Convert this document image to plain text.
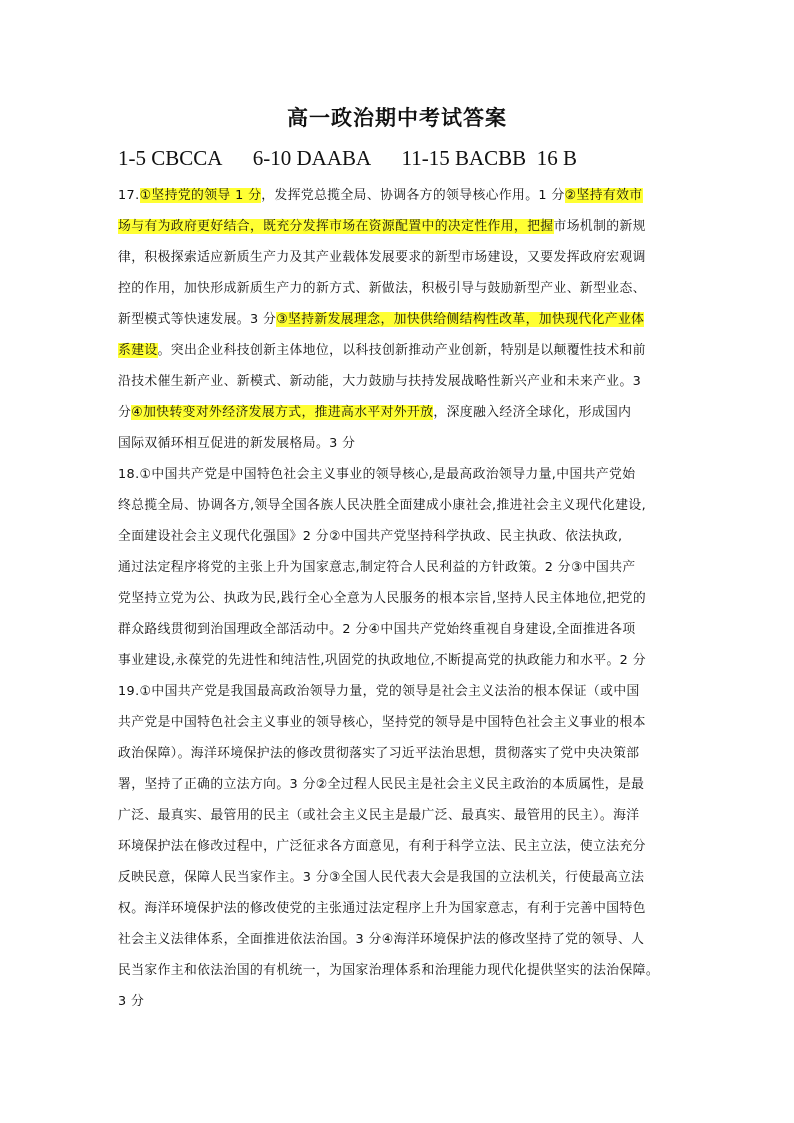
高一政治期中考试答案
1-5 CBCCA      6-10 DAABA      11-15 BACBB  16 B
17.①坚持党的领导 1 分，发挥党总揽全局、协调各方的领导核心作用。1 分②坚持有效市
场与有为政府更好结合，既充分发挥市场在资源配置中的决定性作用，把握市场机制的新规
律，积极探索适应新质生产力及其产业载体发展要求的新型市场建设，又要发挥政府宏观调
控的作用，加快形成新质生产力的新方式、新做法，积极引导与鼓励新型产业、新型业态、
新型模式等快速发展。3 分③坚持新发展理念，加快供给侧结构性改革，加快现代化产业体
系建设。突出企业科技创新主体地位，以科技创新推动产业创新，特别是以颠覆性技术和前
沿技术催生新产业、新模式、新动能，大力鼓励与扶持发展战略性新兴产业和未来产业。3
分④加快转变对外经济发展方式，推进高水平对外开放，深度融入经济全球化，形成国内
国际双循环相互促进的新发展格局。3 分
18.①中国共产党是中国特色社会主义事业的领导核心,是最高政治领导力量,中国共产党始
终总揽全局、协调各方,领导全国各族人民决胜全面建成小康社会,推进社会主义现代化建设,
全面建设社会主义现代化强国》2 分②中国共产党坚持科学执政、民主执政、依法执政,
通过法定程序将党的主张上升为国家意志,制定符合人民利益的方针政策。2 分③中国共产
党坚持立党为公、执政为民,践行全心全意为人民服务的根本宗旨,坚持人民主体地位,把党的
群众路线贯彻到治国理政全部活动中。2 分④中国共产党始终重视自身建设,全面推进各项
事业建设,永葆党的先进性和纯洁性,巩固党的执政地位,不断提高党的执政能力和水平。2 分
19.①中国共产党是我国最高政治领导力量，党的领导是社会主义法治的根本保证（或中国
共产党是中国特色社会主义事业的领导核心，坚持党的领导是中国特色社会主义事业的根本
政治保障）。海洋环境保护法的修改贯彻落实了习近平法治思想，贯彻落实了党中央决策部
署，坚持了正确的立法方向。3 分②全过程人民民主是社会主义民主政治的本质属性，是最
广泛、最真实、最管用的民主（或社会主义民主是最广泛、最真实、最管用的民主）。海洋
环境保护法在修改过程中，广泛征求各方面意见，有利于科学立法、民主立法，使立法充分
反映民意，保障人民当家作主。3 分③全国人民代表大会是我国的立法机关，行使最高立法
权。海洋环境保护法的修改使党的主张通过法定程序上升为国家意志，有利于完善中国特色
社会主义法律体系，全面推进依法治国。3 分④海洋环境保护法的修改坚持了党的领导、人
民当家作主和依法治国的有机统一，为国家治理体系和治理能力现代化提供坚实的法治保障。
3 分
